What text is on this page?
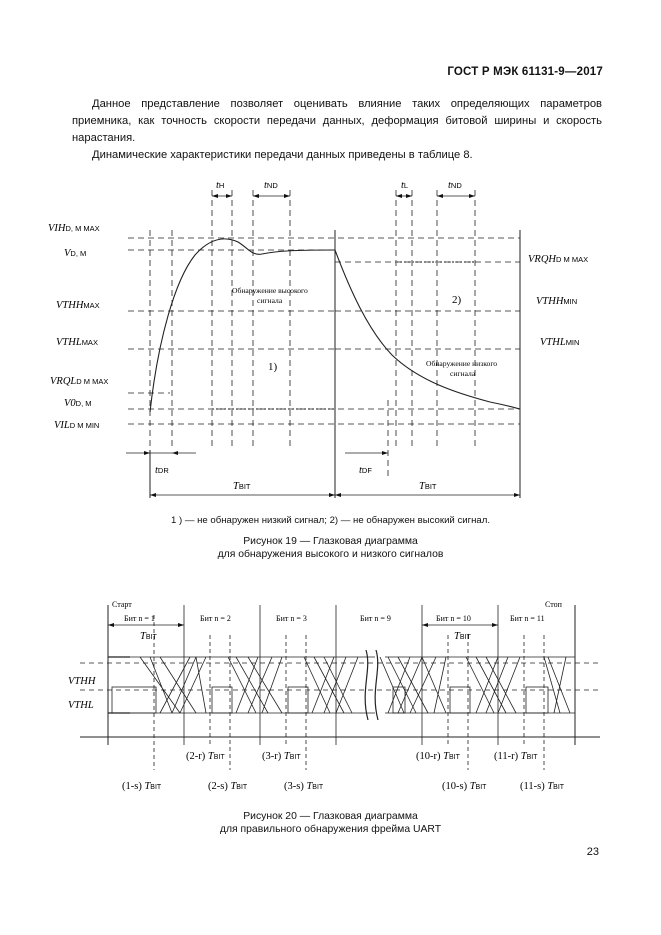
ГОСТ Р МЭК 61131-9—2017
Данное представление позволяет оценивать влияние таких определяющих параметров приемника, как точность скорости передачи данных, деформация битовой ширины и скорость нарастания.
Динамические характеристики передачи данных приведены в таблице 8.
VIHD, M MAX
VD, M
VTHHMAX
VTHLMAX
VRQLD M MAX
V0D, M
VILD M MIN
VRQHD M MAX
VTHHMIN
VTHLMIN
tH	tND	tL	tND
tDR	tDF
TBIT	TBIT
Обнаружение высокого
сигнала
Обнаружение низкого
сигнала
1)
2)
1 ) — не обнаружен низкий сигнал; 2) — не обнаружен высокий сигнал.
Рисунок 19 — Глазковая диаграмма
для обнаружения высокого и низкого сигналов
Старт	Стоп
Бит n = 1	Бит n = 2	Бит n = 3	Бит n = 9	Бит n = 10	Бит n = 11
VTHH
VTHL
TBIT	TBIT
(2-r) TBIT	(3-r) TBIT	(10-r) TBIT	(11-r) TBIT
(1-s) TBIT	(2-s) TBIT	(3-s) TBIT	(10-s) TBIT	(11-s) TBIT
Рисунок 20 — Глазковая диаграмма
для правильного обнаружения фрейма UART
23
